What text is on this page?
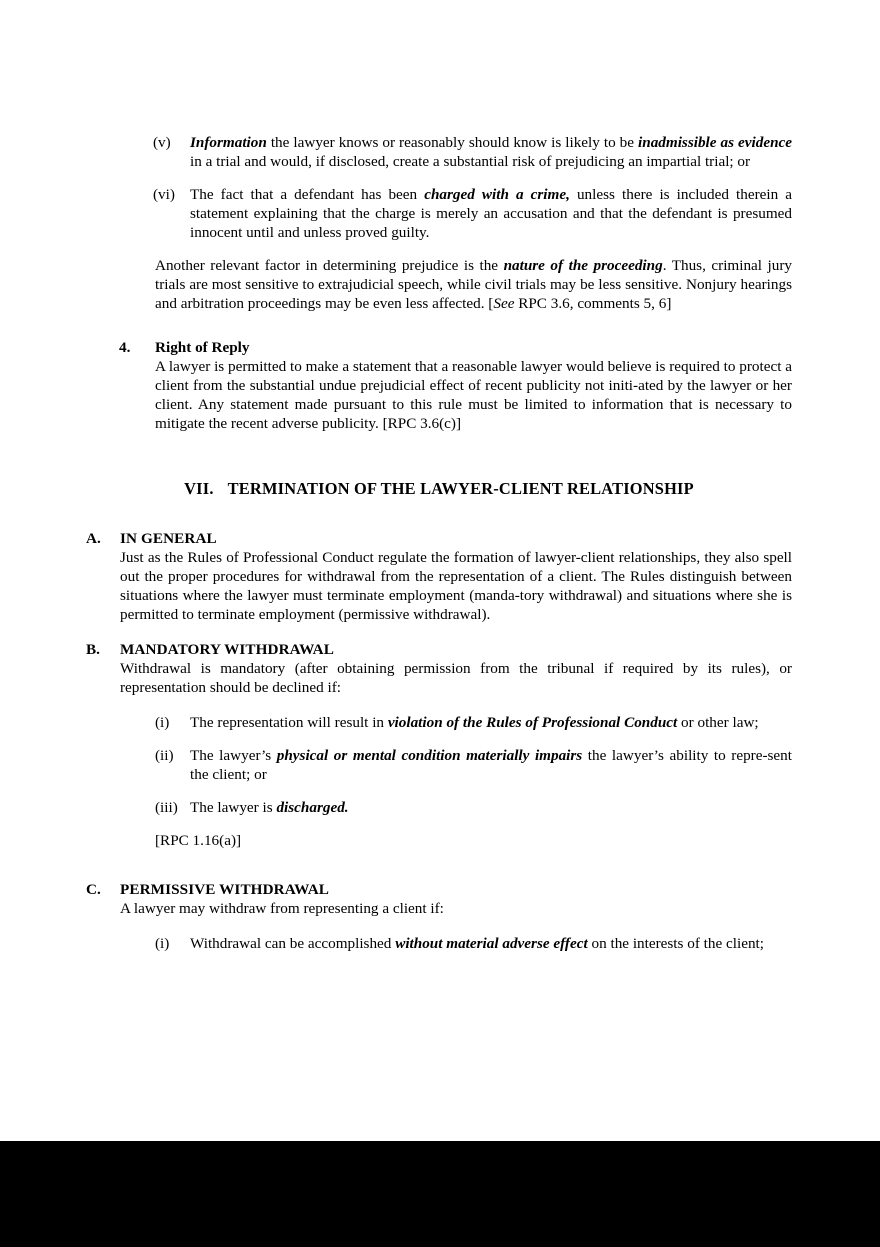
(v)	Information the lawyer knows or reasonably should know is likely to be inadmissible as evidence in a trial and would, if disclosed, create a substantial risk of prejudicing an impartial trial; or
(vi) The fact that a defendant has been charged with a crime, unless there is included therein a statement explaining that the charge is merely an accusation and that the defendant is presumed innocent until and unless proved guilty.
Another relevant factor in determining prejudice is the nature of the proceeding. Thus, criminal jury trials are most sensitive to extrajudicial speech, while civil trials may be less sensitive. Nonjury hearings and arbitration proceedings may be even less affected. [See RPC 3.6, comments 5, 6]
4. Right of Reply
A lawyer is permitted to make a statement that a reasonable lawyer would believe is required to protect a client from the substantial undue prejudicial effect of recent publicity not initi-ated by the lawyer or her client. Any statement made pursuant to this rule must be limited to information that is necessary to mitigate the recent adverse publicity. [RPC 3.6(c)]
VII. TERMINATION OF THE LAWYER-CLIENT RELATIONSHIP
A. IN GENERAL
Just as the Rules of Professional Conduct regulate the formation of lawyer-client relationships, they also spell out the proper procedures for withdrawal from the representation of a client. The Rules distinguish between situations where the lawyer must terminate employment (manda-tory withdrawal) and situations where she is permitted to terminate employment (permissive withdrawal).
B. MANDATORY WITHDRAWAL
Withdrawal is mandatory (after obtaining permission from the tribunal if required by its rules), or representation should be declined if:
(i)	The representation will result in violation of the Rules of Professional Conduct or other law;
(ii)	The lawyer’s physical or mental condition materially impairs the lawyer’s ability to repre-sent the client; or
(iii) The lawyer is discharged.
[RPC 1.16(a)]
C. PERMISSIVE WITHDRAWAL
A lawyer may withdraw from representing a client if:
(i)	Withdrawal can be accomplished without material adverse effect on the interests of the client;
